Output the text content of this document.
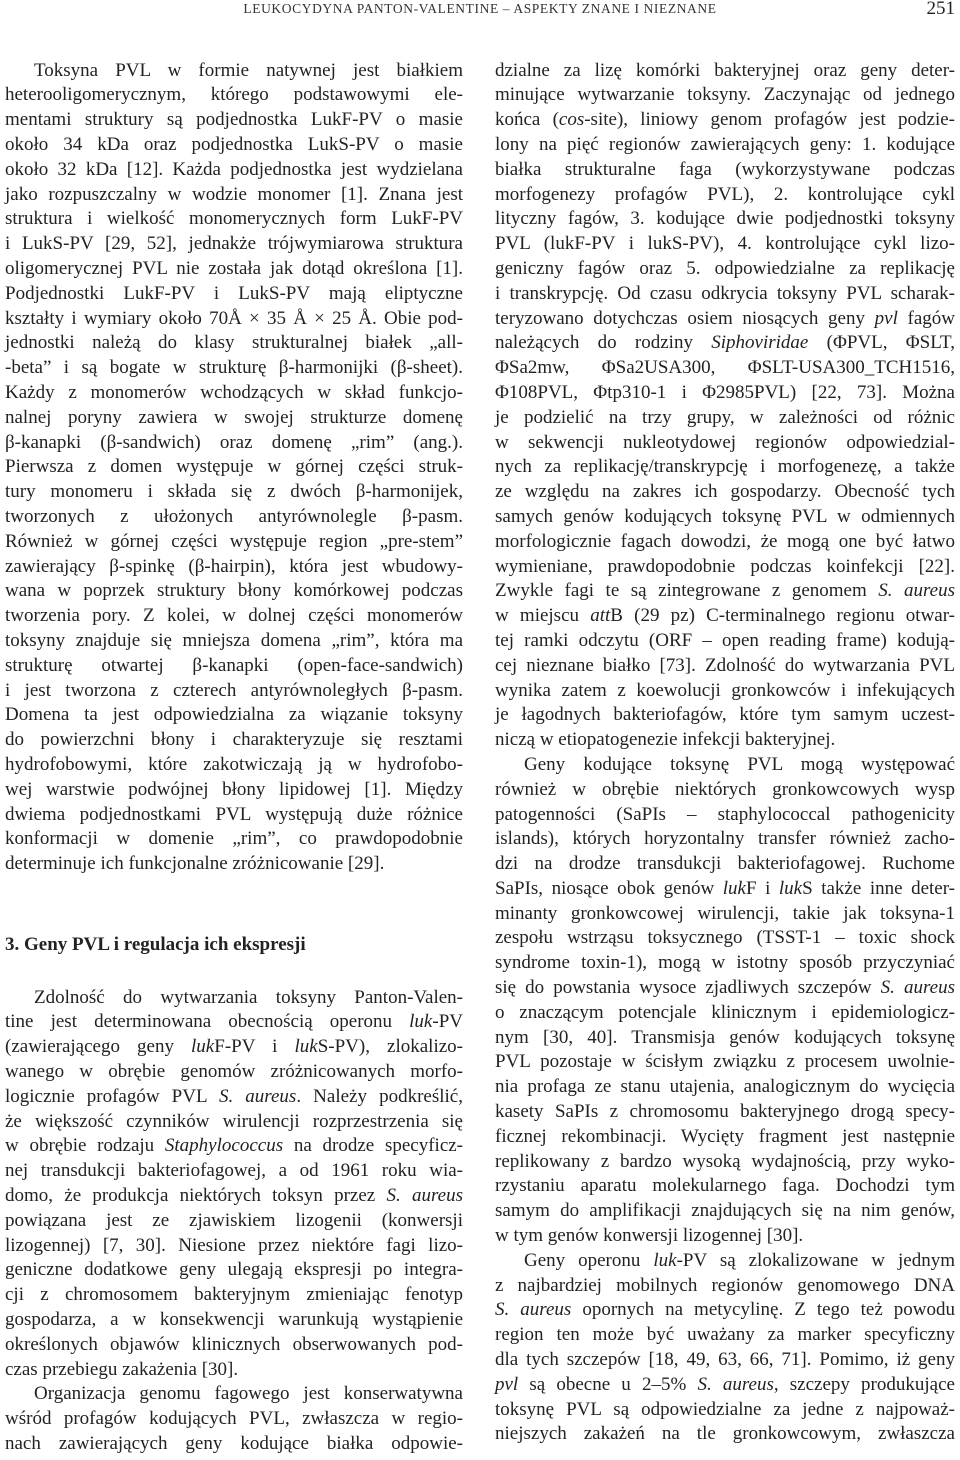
LEUKOCYDYNA PANTON-VALENTINE – ASPEKTY ZNANE I NIEZNANE	251
Toksyna PVL w formie natywnej jest białkiem
heterooligomerycznym, którego podstawowymi ele-
mentami struktury są podjednostka LukF-PV o masie
około 34 kDa oraz podjednostka LukS-PV o masie
około 32 kDa [12]. Każda podjednostka jest wydzielana
jako rozpuszczalny w wodzie monomer [1]. Znana jest
struktura i wielkość monomerycznych form LukF-PV
i LukS-PV [29, 52], jednakże trójwymiarowa struktura
oligomerycznej PVL nie została jak dotąd określona [1].
Podjednostki LukF-PV i LukS-PV mają eliptyczne
kształty i wymiary około 70Å × 35 Å × 25 Å. Obie pod-
jednostki należą do klasy strukturalnej białek „all-
-beta” i są bogate w strukturę β-harmonijki (β-sheet).
Każdy z monomerów wchodzących w skład funkcjo-
nalnej poryny zawiera w swojej strukturze domenę
β-kanapki (β-sandwich) oraz domenę „rim” (ang.).
Pierwsza z domen występuje w górnej części struk-
tury monomeru i składa się z dwóch β-harmonijek,
tworzonych z ułożonych antyrównolegle β-pasm.
Również w górnej części występuje region „pre-stem”
zawierający β-spinkę (β-hairpin), która jest wbudowy-
wana w poprzek struktury błony komórkowej podczas
tworzenia pory. Z kolei, w dolnej części monomerów
toksyny znajduje się mniejsza domena „rim”, która ma
strukturę otwartej β-kanapki (open-face-sandwich)
i jest tworzona z czterech antyrównoległych β-pasm.
Domena ta jest odpowiedzialna za wiązanie toksyny
do powierzchni błony i charakteryzuje się resztami
hydrofobowymi, które zakotwiczają ją w hydrofobo-
wej warstwie podwójnej błony lipidowej [1]. Między
dwiema podjednostkami PVL występują duże różnice
konformacji w domenie „rim”, co prawdopodobnie
determinuje ich funkcjonalne zróżnicowanie [29].
3. Geny PVL i regulacja ich ekspresji
Zdolność do wytwarzania toksyny Panton-Valen-
tine jest determinowana obecnością operonu luk-PV
(zawierającego geny lukF-PV i lukS-PV), zlokalizo-
wanego w obrębie genomów zróżnicowanych morfo-
logicznie profagów PVL S. aureus. Należy podkreślić,
że większość czynników wirulencji rozprzestrzenia się
w obrębie rodzaju Staphylococcus na drodze specyficz-
nej transdukcji bakteriofagowej, a od 1961 roku wia-
domo, że produkcja niektórych toksyn przez S. aureus
powiązana jest ze zjawiskiem lizogenii (konwersji
lizogennej) [7, 30]. Niesione przez niektóre fagi lizo-
geniczne dodatkowe geny ulegają ekspresji po integra-
cji z chromosomem bakteryjnym zmieniając fenotyp
gospodarza, a w konsekwencji warunkują wystąpienie
określonych objawów klinicznych obserwowanych pod-
czas przebiegu zakażenia [30].
Organizacja genomu fagowego jest konserwatywna
wśród profagów kodujących PVL, zwłaszcza w regio-
nach zawierających geny kodujące białka odpowie-
dzialne za lizę komórki bakteryjnej oraz geny deter-
minujące wytwarzanie toksyny. Zaczynając od jednego
końca (cos-site), liniowy genom profagów jest podzie-
lony na pięć regionów zawierających geny: 1. kodujące
białka strukturalne faga (wykorzystywane podczas
morfogenezy profagów PVL), 2. kontrolujące cykl
lityczny fagów, 3. kodujące dwie podjednostki toksyny
PVL (lukF-PV i lukS-PV), 4. kontrolujące cykl lizo-
geniczny fagów oraz 5. odpowiedzialne za replikację
i transkrypcję. Od czasu odkrycia toksyny PVL scharak-
teryzowano dotychczas osiem niosących geny pvl fagów
należących do rodziny Siphoviridae (ΦPVL, ΦSLT,
ΦSa2mw, ΦSa2USA300, ΦSLT-USA300_TCH1516,
Φ108PVL, Φtp310-1 i Φ2985PVL) [22, 73]. Można
je podzielić na trzy grupy, w zależności od różnic
w sekwencji nukleotydowej regionów odpowiedzial-
nych za replikację/transkrypcję i morfogenezę, a także
ze względu na zakres ich gospodarzy. Obecność tych
samych genów kodujących toksynę PVL w odmiennych
morfologicznie fagach dowodzi, że mogą one być łatwo
wymieniane, prawdopodobnie podczas koinfekcji [22].
Zwykle fagi te są zintegrowane z genomem S. aureus
w miejscu attB (29 pz) C-terminalnego regionu otwar-
tej ramki odczytu (ORF – open reading frame) kodują-
cej nieznane białko [73]. Zdolność do wytwarzania PVL
wynika zatem z koewolucji gronkowców i infekujących
je łagodnych bakteriofagów, które tym samym uczest-
niczą w etiopatogenezie infekcji bakteryjnej.
Geny kodujące toksynę PVL mogą występować
również w obrębie niektórych gronkowcowych wysp
patogenności (SaPIs – staphylococcal pathogenicity
islands), których horyzontalny transfer również zacho-
dzi na drodze transdukcji bakteriofagowej. Ruchome
SaPIs, niosące obok genów lukF i lukS także inne deter-
minanty gronkowcowej wirulencji, takie jak toksyna-1
zespołu wstrząsu toksycznego (TSST-1 – toxic shock
syndrome toxin-1), mogą w istotny sposób przyczyniać
się do powstania wysoce zjadliwych szczepów S. aureus
o znaczącym potencjale klinicznym i epidemiologicz-
nym [30, 40]. Transmisja genów kodujących toksynę
PVL pozostaje w ścisłym związku z procesem uwolnie-
nia profaga ze stanu utajenia, analogicznym do wycięcia
kasety SaPIs z chromosomu bakteryjnego drogą specy-
ficznej rekombinacji. Wycięty fragment jest następnie
replikowany z bardzo wysoką wydajnością, przy wyko-
rzystaniu aparatu molekularnego faga. Dochodzi tym
samym do amplifikacji znajdujących się na nim genów,
w tym genów konwersji lizogennej [30].
Geny operonu luk-PV są zlokalizowane w jednym
z najbardziej mobilnych regionów genomowego DNA
S. aureus opornych na metycylinę. Z tego też powodu
region ten może być uważany za marker specyficzny
dla tych szczepów [18, 49, 63, 66, 71]. Pomimo, iż geny
pvl są obecne u 2–5% S. aureus, szczepy produkujące
toksynę PVL są odpowiedzialne za jedne z najpoważ-
niejszych zakażeń na tle gronkowcowym, zwłaszcza
